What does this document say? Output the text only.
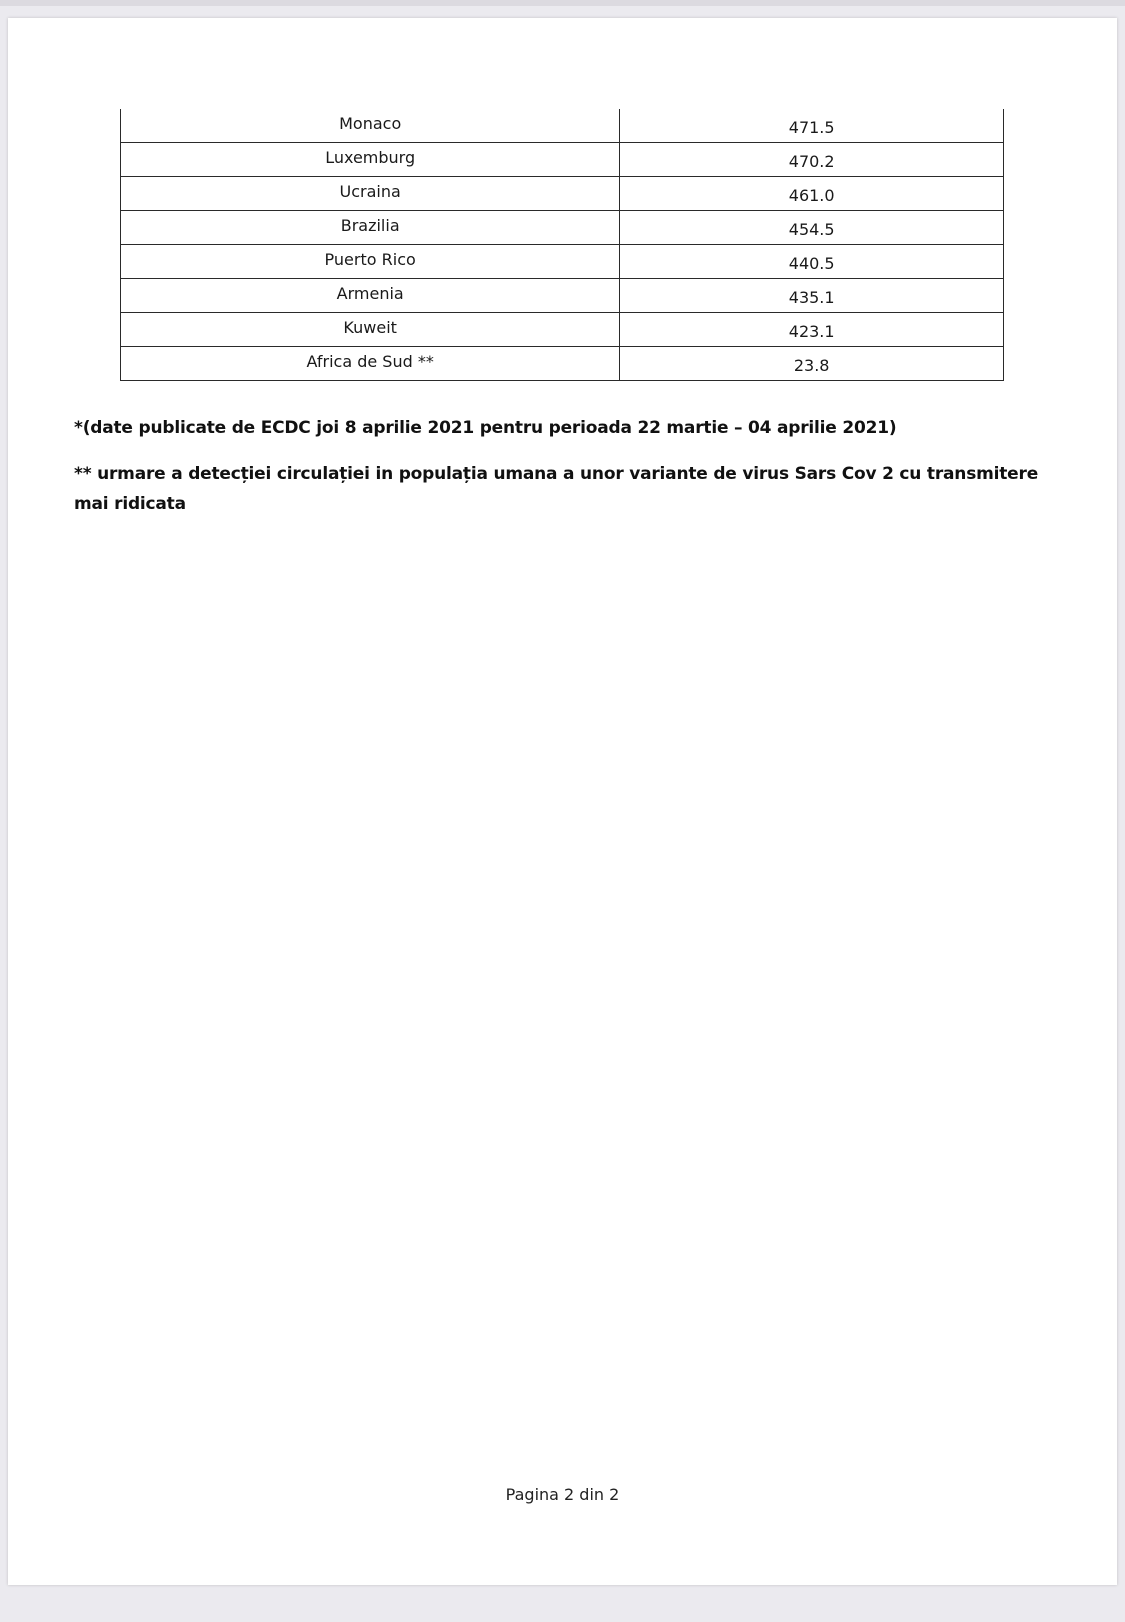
Monaco	471.5
Luxemburg	470.2
Ucraina	461.0
Brazilia	454.5
Puerto Rico	440.5
Armenia	435.1
Kuweit	423.1
Africa de Sud **	23.8

*(date publicate de ECDC joi 8 aprilie 2021 pentru perioada 22 martie – 04 aprilie 2021)

** urmare a detecției circulației in populația umana a unor variante de virus Sars Cov 2 cu transmitere mai ridicata

Pagina 2 din 2
